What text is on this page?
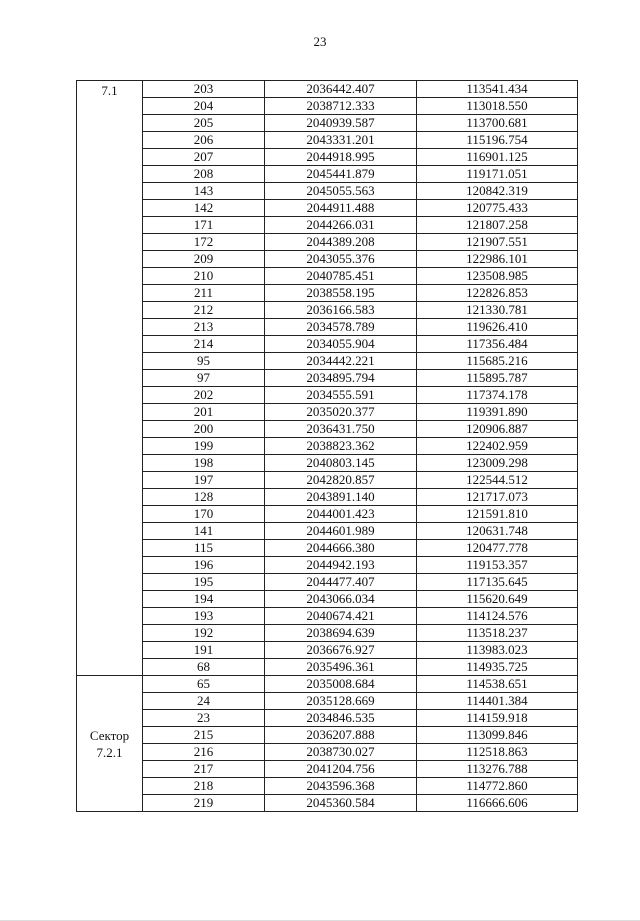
23
7.1	203	2036442.407	113541.434
	204	2038712.333	113018.550
	205	2040939.587	113700.681
	206	2043331.201	115196.754
	207	2044918.995	116901.125
	208	2045441.879	119171.051
	143	2045055.563	120842.319
	142	2044911.488	120775.433
	171	2044266.031	121807.258
	172	2044389.208	121907.551
	209	2043055.376	122986.101
	210	2040785.451	123508.985
	211	2038558.195	122826.853
	212	2036166.583	121330.781
	213	2034578.789	119626.410
	214	2034055.904	117356.484
	95	2034442.221	115685.216
	97	2034895.794	115895.787
	202	2034555.591	117374.178
	201	2035020.377	119391.890
	200	2036431.750	120906.887
	199	2038823.362	122402.959
	198	2040803.145	123009.298
	197	2042820.857	122544.512
	128	2043891.140	121717.073
	170	2044001.423	121591.810
	141	2044601.989	120631.748
	115	2044666.380	120477.778
	196	2044942.193	119153.357
	195	2044477.407	117135.645
	194	2043066.034	115620.649
	193	2040674.421	114124.576
	192	2038694.639	113518.237
	191	2036676.927	113983.023
	68	2035496.361	114935.725

Сектор
7.2.1	65	2035008.684	114538.651
	24	2035128.669	114401.384
	23	2034846.535	114159.918
	215	2036207.888	113099.846
	216	2038730.027	112518.863
	217	2041204.756	113276.788
	218	2043596.368	114772.860
	219	2045360.584	116666.606
